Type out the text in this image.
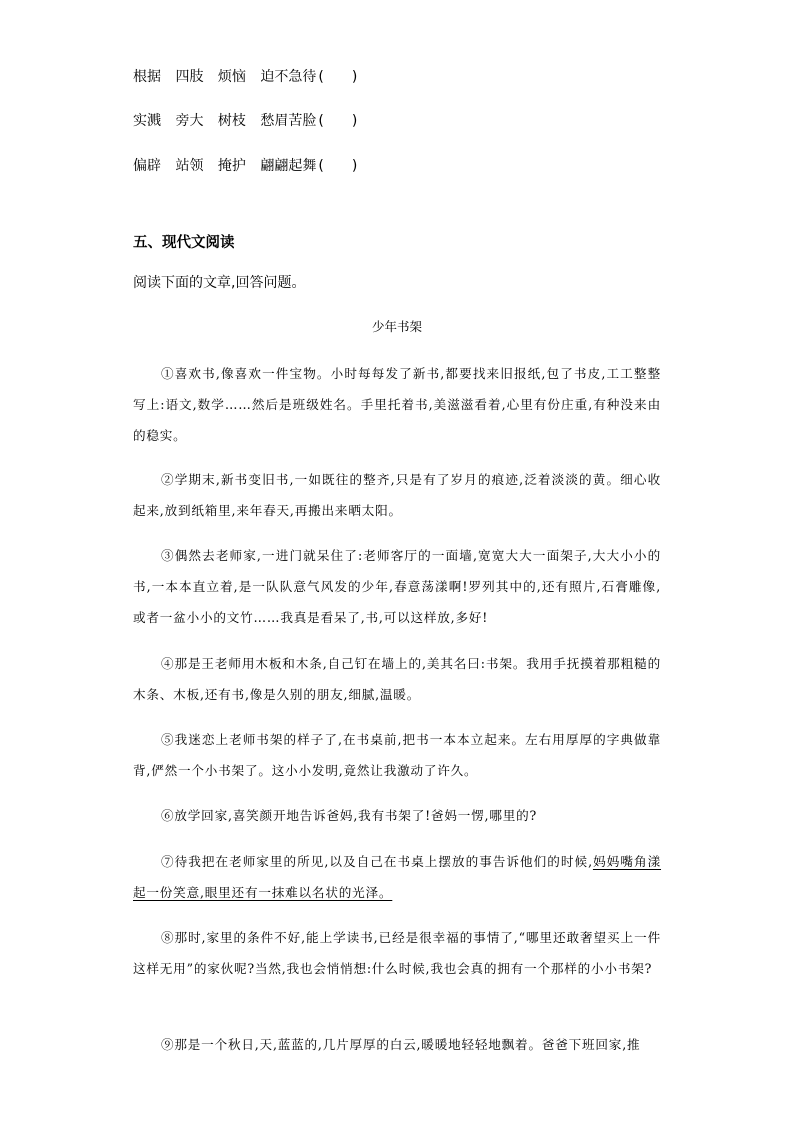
根据 四肢 烦恼 迫不急待 (　　)
实溅 旁大 树枝 愁眉苦脸 (　　)
偏辟 站领 掩护 翩翩起舞 (　　)
五、现代文阅读
阅读下面的文章,回答问题。
少年书架
①喜欢书,像喜欢一件宝物。小时每每发了新书,都要找来旧报纸,包了书皮,工工整整写上:语文,数学……然后是班级姓名。手里托着书,美滋滋看着,心里有份庄重,有种没来由的稳实。
②学期末,新书变旧书,一如既往的整齐,只是有了岁月的痕迹,泛着淡淡的黄。细心收起来,放到纸箱里,来年春天,再搬出来晒太阳。
③偶然去老师家,一进门就呆住了:老师客厅的一面墙,宽宽大大一面架子,大大小小的书,一本本直立着,是一队队意气风发的少年,春意荡漾啊!罗列其中的,还有照片,石膏雕像,或者一盆小小的文竹……我真是看呆了,书,可以这样放,多好!
④那是王老师用木板和木条,自己钉在墙上的,美其名曰:书架。我用手抚摸着那粗糙的木条、木板,还有书,像是久别的朋友,细腻,温暖。
⑤我迷恋上老师书架的样子了,在书桌前,把书一本本立起来。左右用厚厚的字典做靠背,俨然一个小书架了。这小小发明,竟然让我激动了许久。
⑥放学回家,喜笑颜开地告诉爸妈,我有书架了!爸妈一愣,哪里的?
⑦待我把在老师家里的所见,以及自己在书桌上摆放的事告诉他们的时候,妈妈嘴角漾起一份笑意,眼里还有一抹难以名状的光泽。
⑧那时,家里的条件不好,能上学读书,已经是很幸福的事情了,“哪里还敢奢望买上一件这样无用”的家伙呢?当然,我也会悄悄想:什么时候,我也会真的拥有一个那样的小小书架?
⑨那是一个秋日,天,蓝蓝的,几片厚厚的白云,暖暖地轻轻地飘着。爸爸下班回家,推
